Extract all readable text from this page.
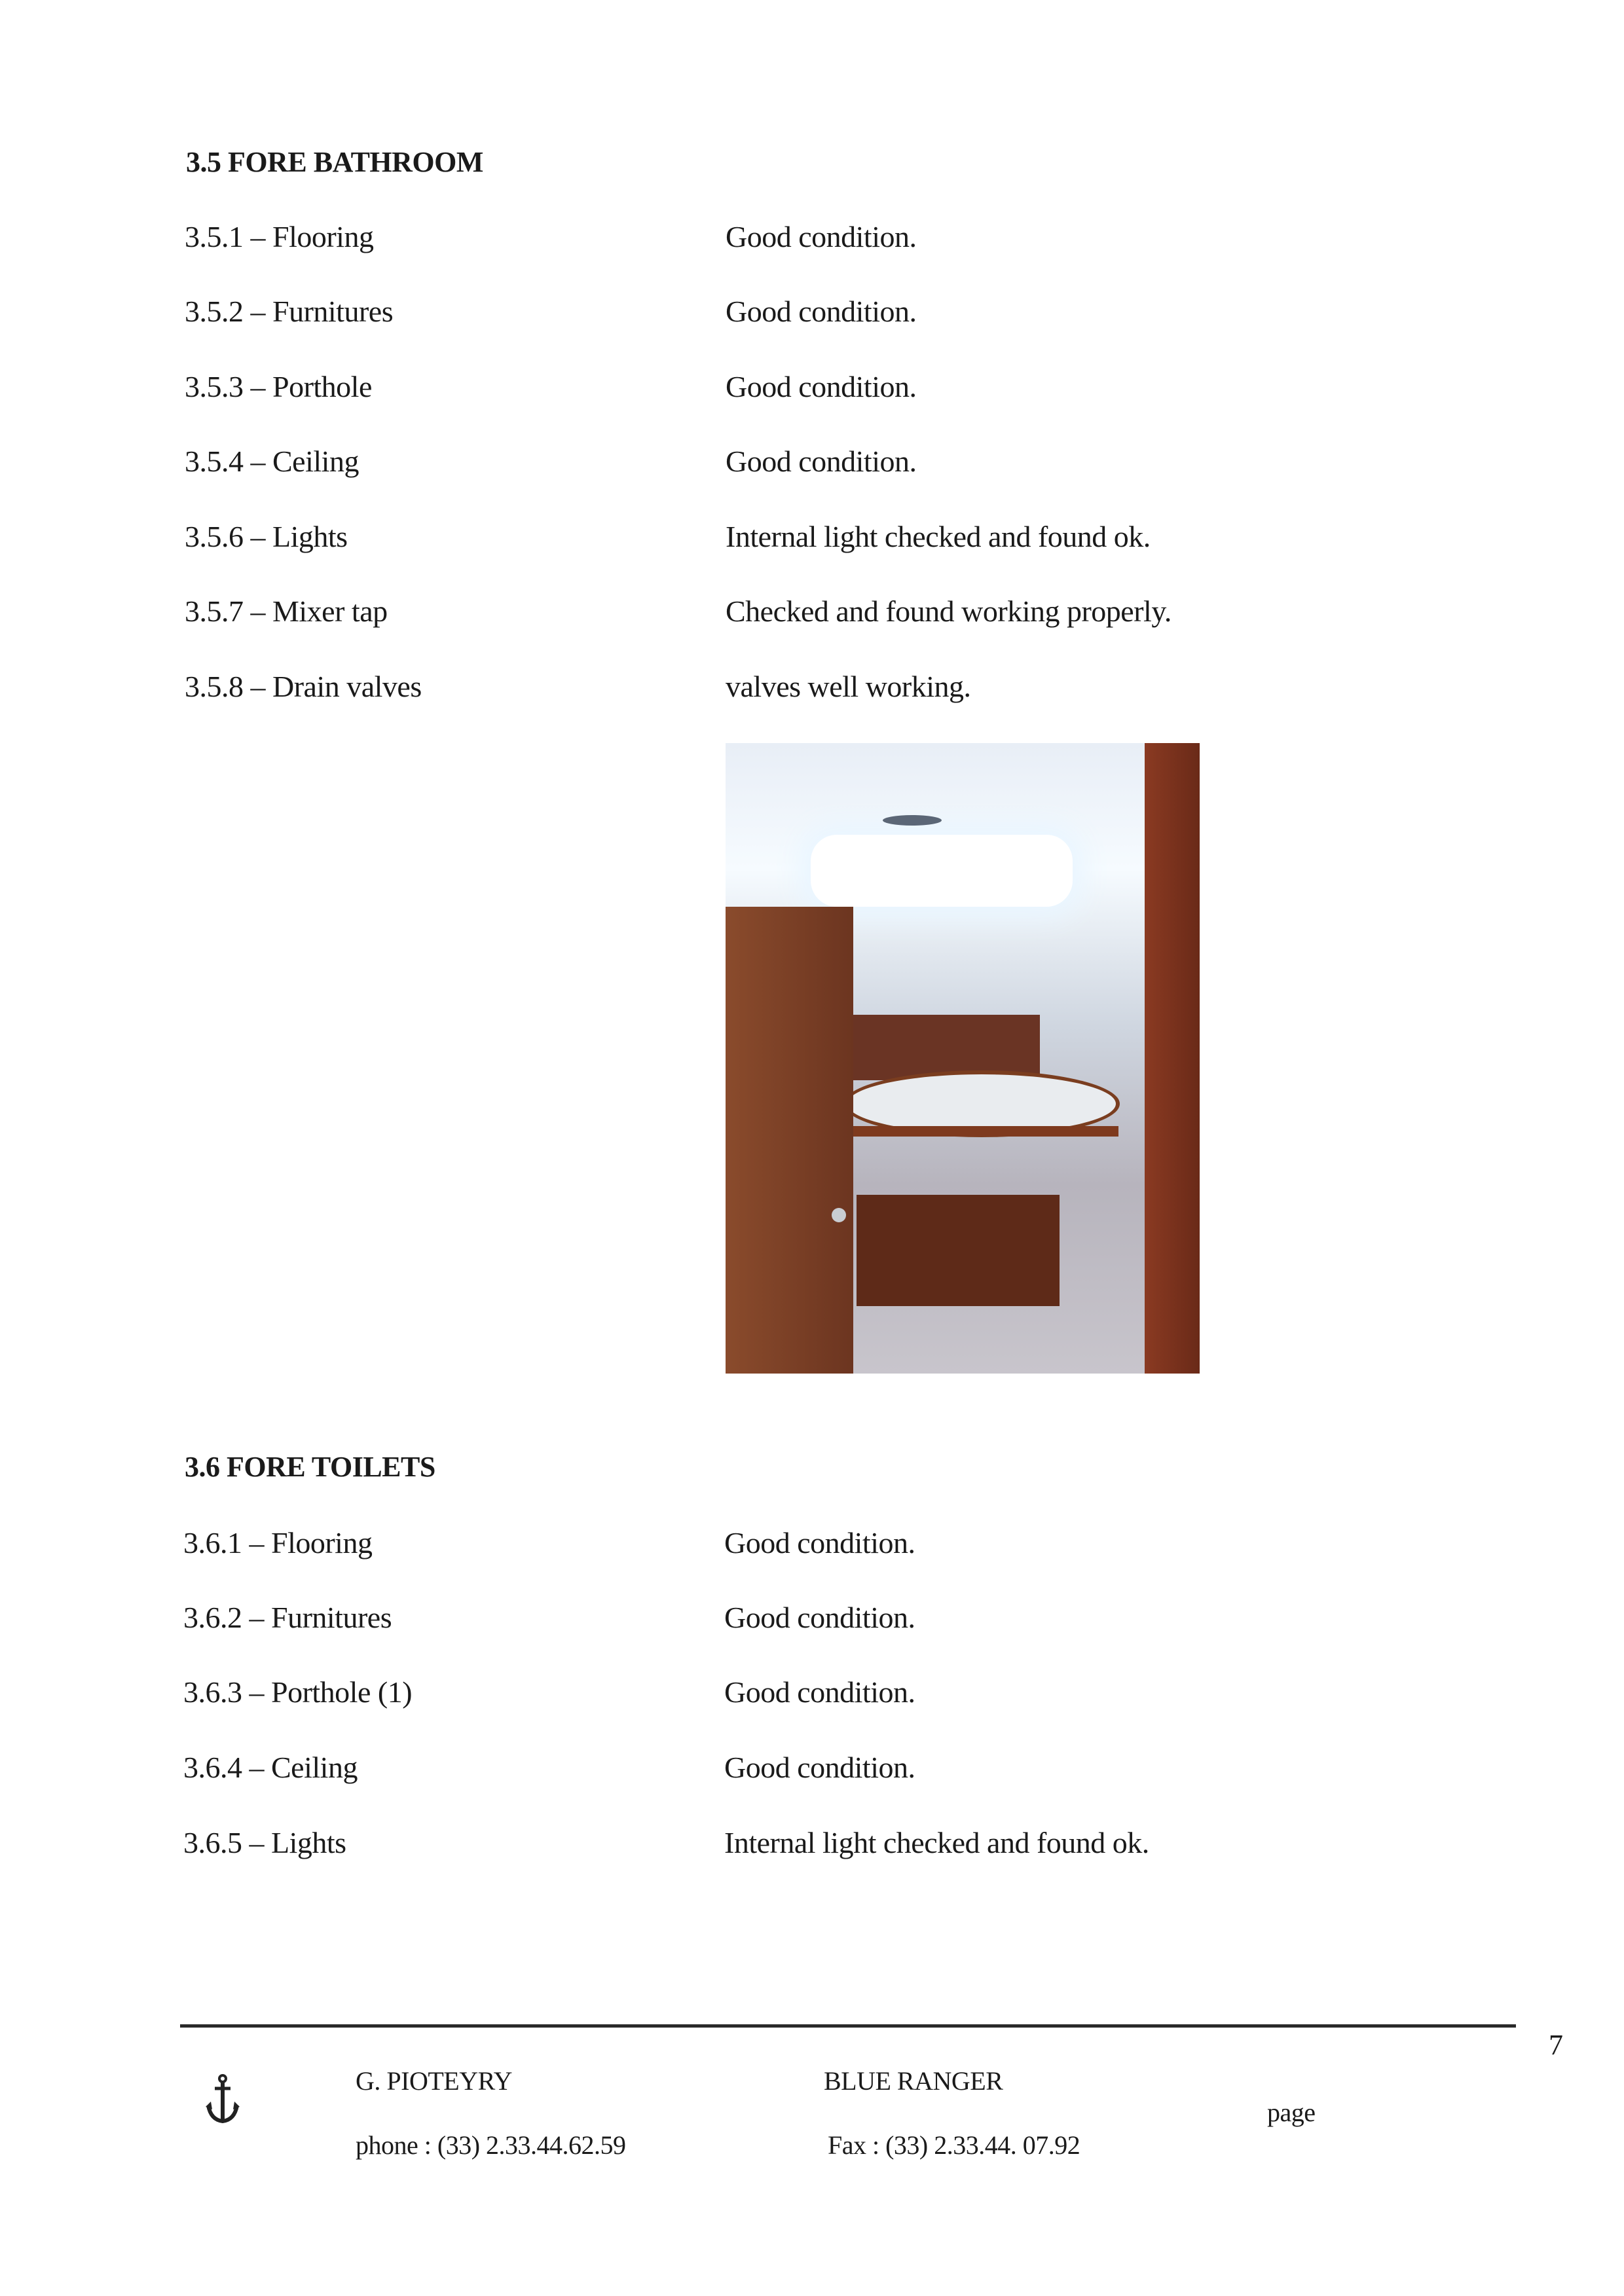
3.5 FORE BATHROOM
3.5.1 – Flooring	Good condition.
3.5.2 – Furnitures	Good condition.
3.5.3 – Porthole	Good condition.
3.5.4 – Ceiling	Good condition.
3.5.6 – Lights	Internal light checked and found ok.
3.5.7 – Mixer tap	Checked and found working properly.
3.5.8 – Drain valves	valves well working.
3.6 FORE TOILETS
3.6.1 – Flooring	Good condition.
3.6.2 – Furnitures	Good condition.
3.6.3 – Porthole (1)	Good condition.
3.6.4 – Ceiling	Good condition.
3.6.5 – Lights	Internal light checked and found ok.
7
G. PIOTEYRY
phone : (33) 2.33.44.62.59
BLUE RANGER
Fax : (33) 2.33.44. 07.92
page
